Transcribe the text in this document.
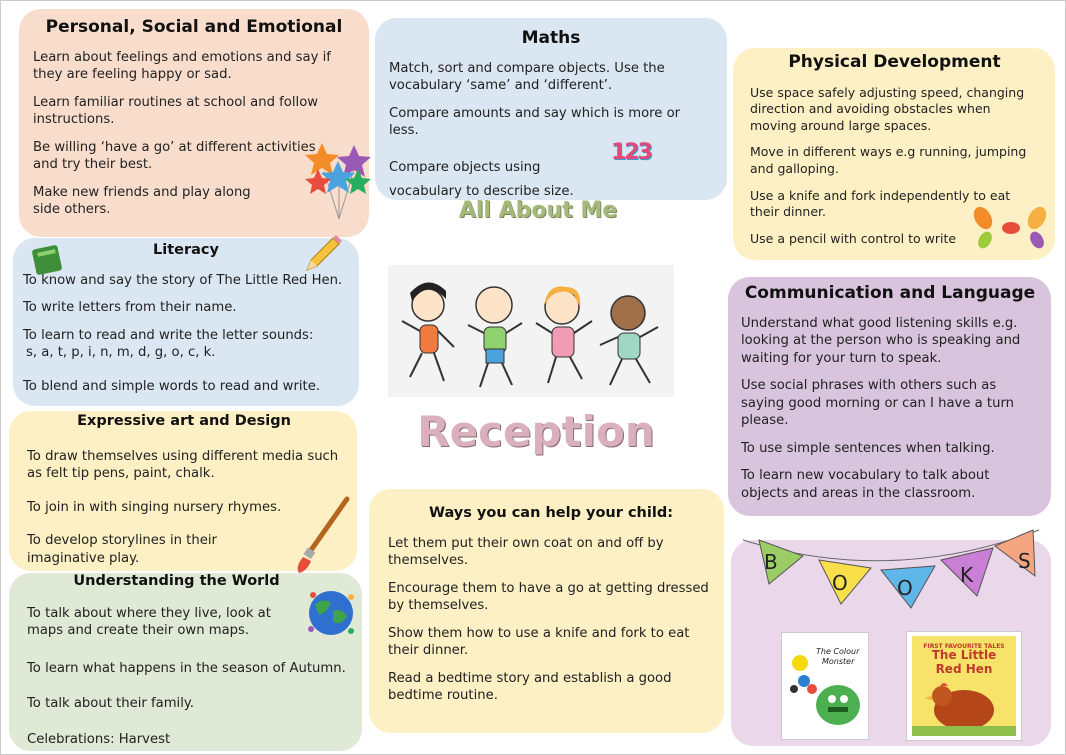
Personal, Social and Emotional

Learn about feelings and emotions and say if they are feeling happy or sad.

Learn familiar routines at school and follow instructions.

Be willing ‘have a go’ at different activities and try their best.

Make new friends and play along side others.

Maths

Match, sort and compare objects. Use the vocabulary ‘same’ and ‘different’.

Compare amounts and say which is more or less.

Compare objects using vocabulary to describe size.

123
Physical Development

Use space safely adjusting speed, changing direction and avoiding obstacles when moving around large spaces.

Move in different ways e.g running, jumping and galloping.

Use a knife and fork independently to eat their dinner.

Use a pencil with control to write

Literacy

To know and say the story of The Little Red Hen.

To write letters from their name.

To learn to read and write the letter sounds:

s, a, t, p, i, n, m, d, g, o, c, k.

To blend and simple words to read and write.

All About Me
Reception
Communication and Language

Understand what good listening skills e.g. looking at the person who is speaking and waiting for your turn to speak.

Use social phrases with others such as saying good morning or can I have a turn please.

To use simple sentences when talking.

To learn new vocabulary to talk about objects and areas in the classroom.

Expressive art and Design

To draw themselves using different media such as felt tip pens, paint, chalk.

To join in with singing nursery rhymes.

To develop storylines in their imaginative play.

Ways you can help your child:

Let them put their own coat on and off by themselves.

Encourage them to have a go at getting dressed by themselves.

Show them how to use a knife and fork to eat their dinner.

Read a bedtime story and establish a good bedtime routine.

Understanding the World

To talk about where they live, look at maps and create their own maps.

To learn what happens in the season of Autumn.

To talk about their family.

Celebrations: Harvest

B
O O
K
S
The Colour
Monster
FIRST FAVOURITE TALES
The Little
Red Hen
